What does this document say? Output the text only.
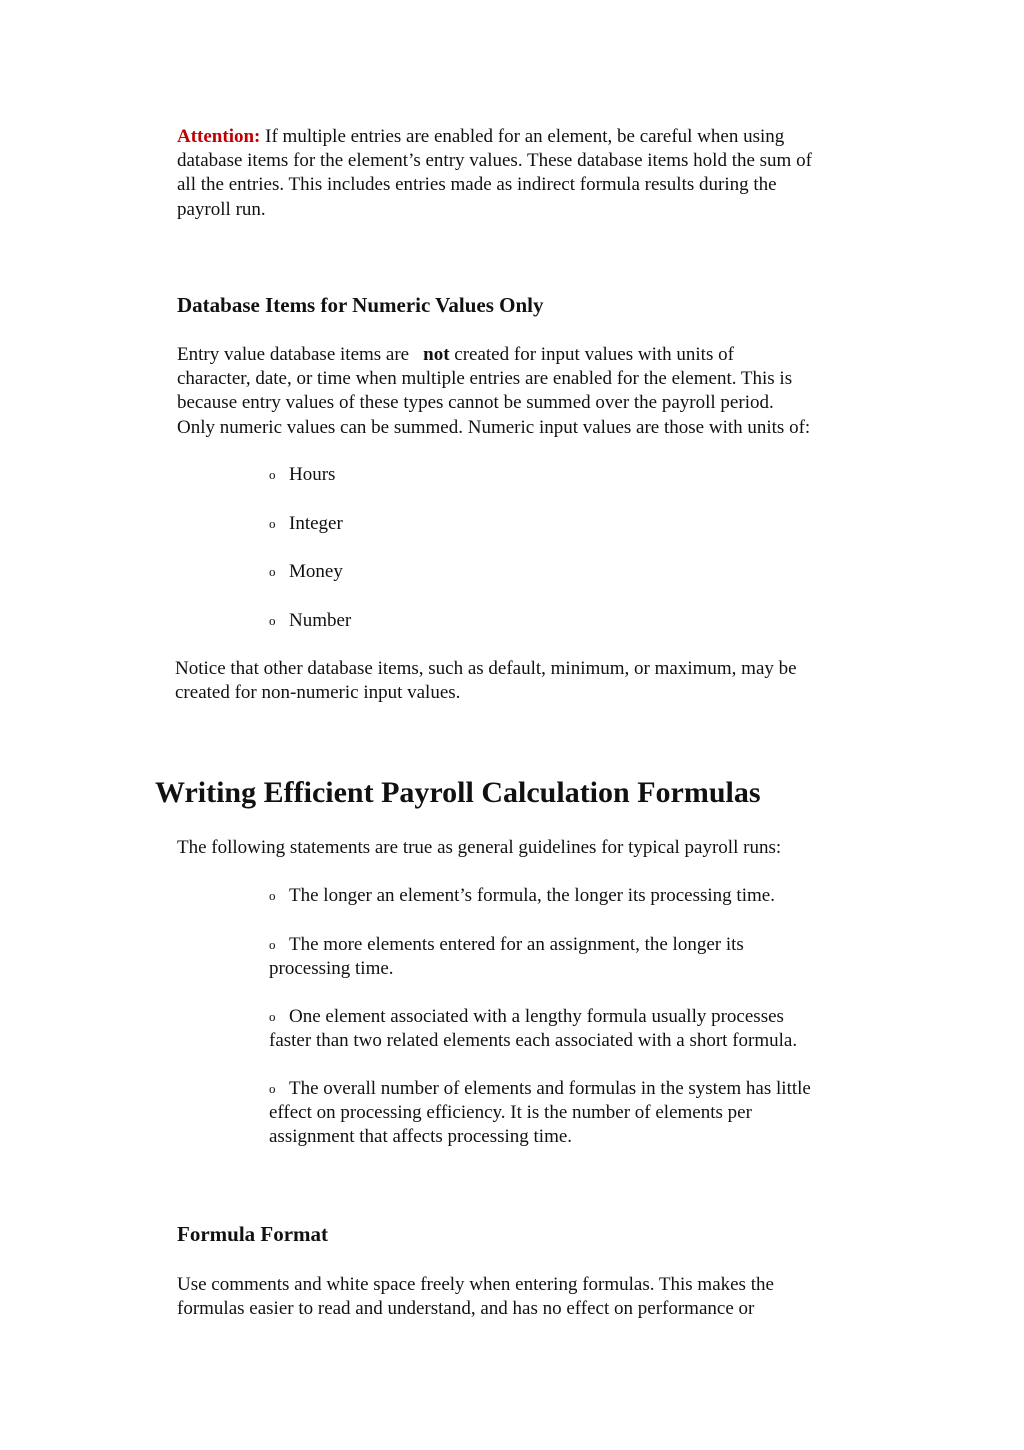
Attention: If multiple entries are enabled for an element, be careful when using
database items for the element’s entry values. These database items hold the sum of
all the entries. This includes entries made as indirect formula results during the
payroll run.
Database Items for Numeric Values Only
Entry value database items are not created for input values with units of
character, date, or time when multiple entries are enabled for the element. This is
because entry values of these types cannot be summed over the payroll period.
Only numeric values can be summed. Numeric input values are those with units of:
o Hours
o Integer
o Money
o Number
Notice that other database items, such as default, minimum, or maximum, may be
created for non-numeric input values.
Writing Efficient Payroll Calculation Formulas
The following statements are true as general guidelines for typical payroll runs:
o The longer an element’s formula, the longer its processing time.
o The more elements entered for an assignment, the longer its
processing time.
o One element associated with a lengthy formula usually processes
faster than two related elements each associated with a short formula.
o The overall number of elements and formulas in the system has little
effect on processing efficiency. It is the number of elements per
assignment that affects processing time.
Formula Format
Use comments and white space freely when entering formulas. This makes the
formulas easier to read and understand, and has no effect on performance or
